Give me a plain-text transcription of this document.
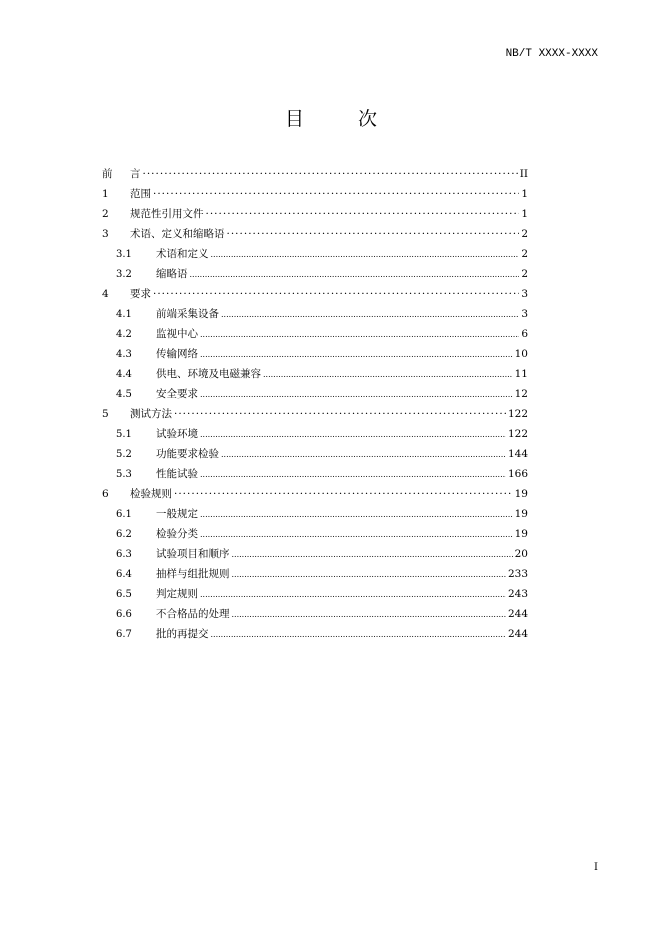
NB/T XXXX-XXXX
目 次
前	言 ·····	II
1	范围 ·····	1
2	规范性引用文件 ·····	1
3	术语、定义和缩略语 ·····	2
3.1	术语和定义 .....	2
3.2	缩略语 .....	2
4	要求 ·····	3
4.1	前端采集设备 .....	3
4.2	监视中心 .....	6
4.3	传输网络 .....	10
4.4	供电、环境及电磁兼容 .....	11
4.5	安全要求 .....	12
5	测试方法 ·····	122
5.1	试验环境 .....	122
5.2	功能要求检验 .....	144
5.3	性能试验 .....	166
6	检验规则 ·····	19
6.1	一般规定 .....	19
6.2	检验分类 .....	19
6.3	试验项目和顺序 .....	20
6.4	抽样与组批规则 .....	233
6.5	判定规则 .....	243
6.6	不合格品的处理 .....	244
6.7	批的再提交 .....	244
I
